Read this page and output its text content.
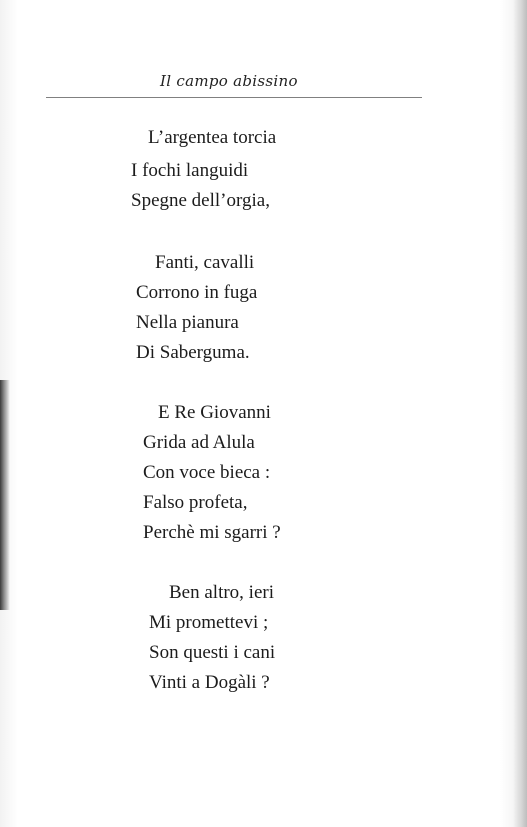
Il campo abissino
L’argentea torcia
I fochi languidi
Spegne dell’orgia,
Fanti, cavalli
Corrono in fuga
Nella pianura
Di Saberguma.
E Re Giovanni
Grida ad Alula
Con voce bieca :
Falso profeta,
Perchè mi sgarri ?
Ben altro, ieri
Mi promettevi ;
Son questi i cani
Vinti a Dogàli ?
